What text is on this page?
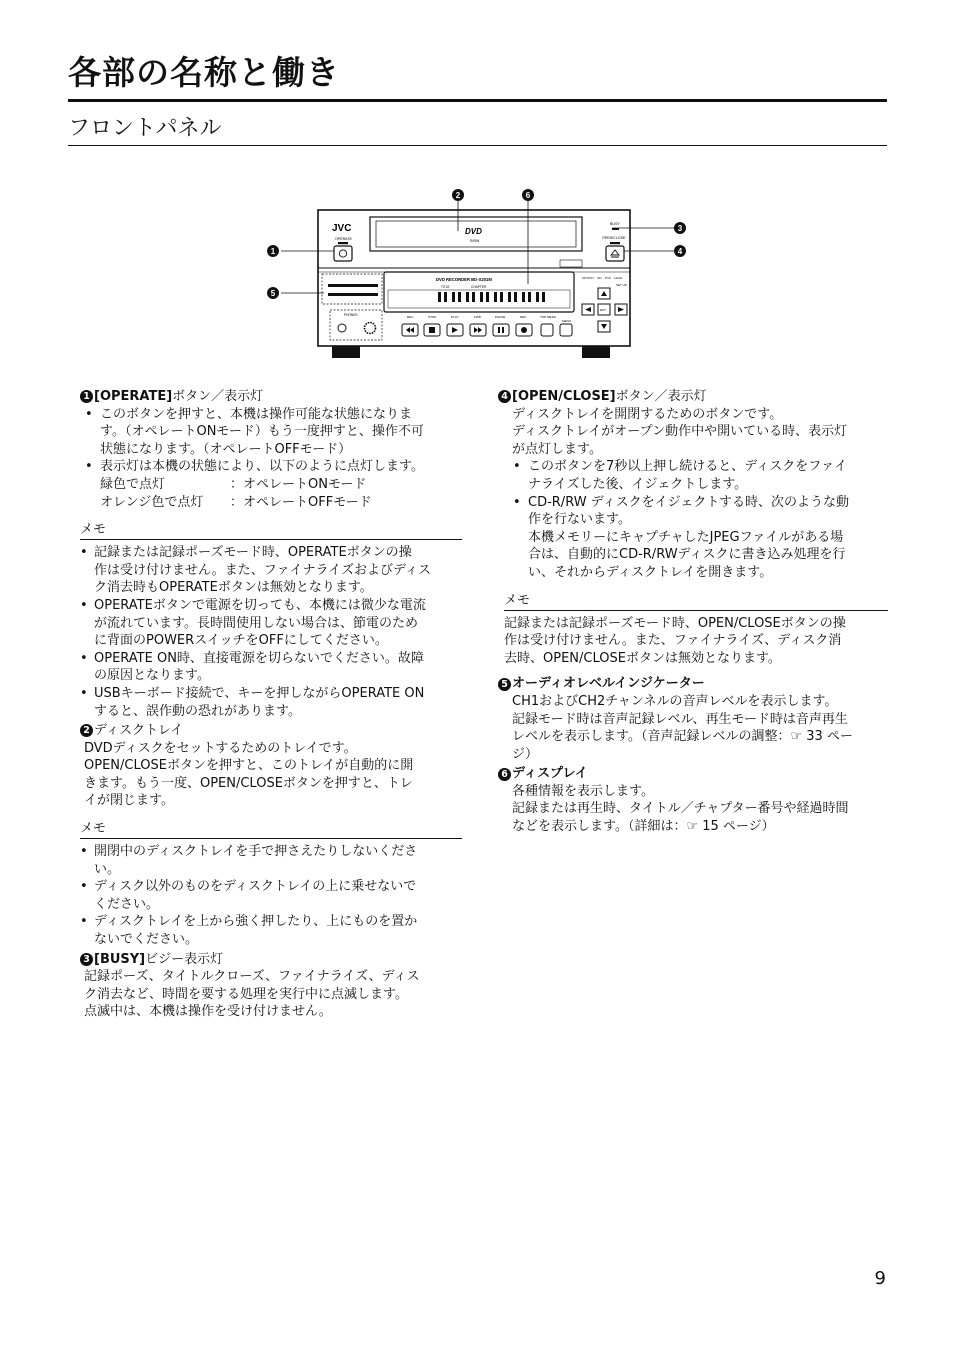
各部の名称と働き
フロントパネル
JVC	DVD
R/RW
OPERATE
BUSY
OPEN/CLOSE
DVD RECORDER BD-X201M
TITLE	CHAPTER
PHONES	REV	STOP	PLAY	FWD	PAUSE	REC	TOP MENU
MENU
OPTION ON PVC LANG
SET UP
ENT
2	6
1
3
4
5
1 [OPERATE] ボタン／表示灯
• このボタンを押すと、本機は操作可能な状態になりま
す。（オペレートONモード）もう一度押すと、操作不可
状態になります。（オペレートOFFモード）
• 表示灯は本機の状態により、以下のように点灯します。
緑色で点灯	：オペレートONモード
オレンジ色で点灯	：オペレートOFFモード
メモ
• 記録または記録ポーズモード時、OPERATEボタンの操
作は受け付けません。また、ファイナライズおよびディス
ク消去時もOPERATEボタンは無効となります。
• OPERATEボタンで電源を切っても、本機には微少な電流
が流れています。長時間使用しない場合は、節電のため
に背面のPOWERスイッチをOFFにしてください。
• OPERATE ON時、直接電源を切らないでください。故障
の原因となります。
• USBキーボード接続で、キーを押しながらOPERATE ON
すると、誤作動の恐れがあります。
2 ディスクトレイ
DVDディスクをセットするためのトレイです。
OPEN/CLOSEボタンを押すと、このトレイが自動的に開
きます。もう一度、OPEN/CLOSEボタンを押すと、トレ
イが閉じます。
メモ
• 開閉中のディスクトレイを手で押さえたりしないくださ
い。
• ディスク以外のものをディスクトレイの上に乗せないで
ください。
• ディスクトレイを上から強く押したり、上にものを置か
ないでください。
3 [BUSY] ビジー表示灯
記録ポーズ、タイトルクローズ、ファイナライズ、ディス
ク消去など、時間を要する処理を実行中に点滅します。
点滅中は、本機は操作を受け付けません。
4 [OPEN/CLOSE] ボタン／表示灯
ディスクトレイを開閉するためのボタンです。
ディスクトレイがオープン動作中や開いている時、表示灯
が点灯します。
• このボタンを7秒以上押し続けると、ディスクをファイ
ナライズした後、イジェクトします。
• CD-R/RW ディスクをイジェクトする時、次のような動
作を行ないます。
本機メモリーにキャプチャしたJPEGファイルがある場
合は、自動的にCD-R/RWディスクに書き込み処理を行
い、それからディスクトレイを開きます。
メモ
記録または記録ポーズモード時、OPEN/CLOSEボタンの操
作は受け付けません。また、ファイナライズ、ディスク消
去時、OPEN/CLOSEボタンは無効となります。
5 オーディオレベルインジケーター
CH1およびCH2チャンネルの音声レベルを表示します。
記録モード時は音声記録レベル、再生モード時は音声再生
レベルを表示します。（音声記録レベルの調整：☞ 33 ペー
ジ）
6 ディスプレイ
各種情報を表示します。
記録または再生時、タイトル／チャプター番号や経過時間
などを表示します。（詳細は：☞ 15 ページ）
9
